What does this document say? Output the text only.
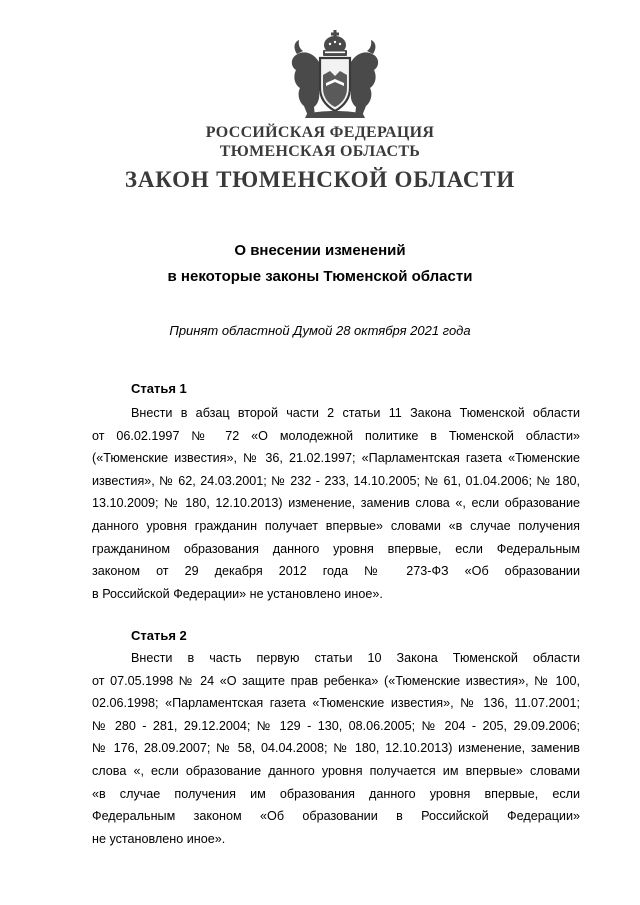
РОССИЙСКАЯ ФЕДЕРАЦИЯ
ТЮМЕНСКАЯ ОБЛАСТЬ
ЗАКОН ТЮМЕНСКОЙ ОБЛАСТИ
О внесении изменений
в некоторые законы Тюменской области
Принят областной Думой 28 октября 2021 года
Статья 1
Внести в абзац второй части 2 статьи 11 Закона Тюменской области
от 06.02.1997 № 72 «О молодежной политике в Тюменской области»
(«Тюменские известия», № 36, 21.02.1997; «Парламентская газета «Тюменские
известия», № 62, 24.03.2001; № 232 - 233, 14.10.2005; № 61, 01.04.2006; № 180,
13.10.2009; № 180, 12.10.2013) изменение, заменив слова «, если образование
данного уровня гражданин получает впервые» словами «в случае получения
гражданином образования данного уровня впервые, если Федеральным
законом от 29 декабря 2012 года № 273-ФЗ «Об образовании
в Российской Федерации» не установлено иное».
Статья 2
Внести в часть первую статьи 10 Закона Тюменской области
от 07.05.1998 № 24 «О защите прав ребенка» («Тюменские известия», № 100,
02.06.1998; «Парламентская газета «Тюменские известия», № 136, 11.07.2001;
№ 280 - 281, 29.12.2004; № 129 - 130, 08.06.2005; № 204 - 205, 29.09.2006;
№ 176, 28.09.2007; № 58, 04.04.2008; № 180, 12.10.2013) изменение, заменив
слова «, если образование данного уровня получается им впервые» словами
«в случае получения им образования данного уровня впервые, если
Федеральным законом «Об образовании в Российской Федерации»
не установлено иное».
